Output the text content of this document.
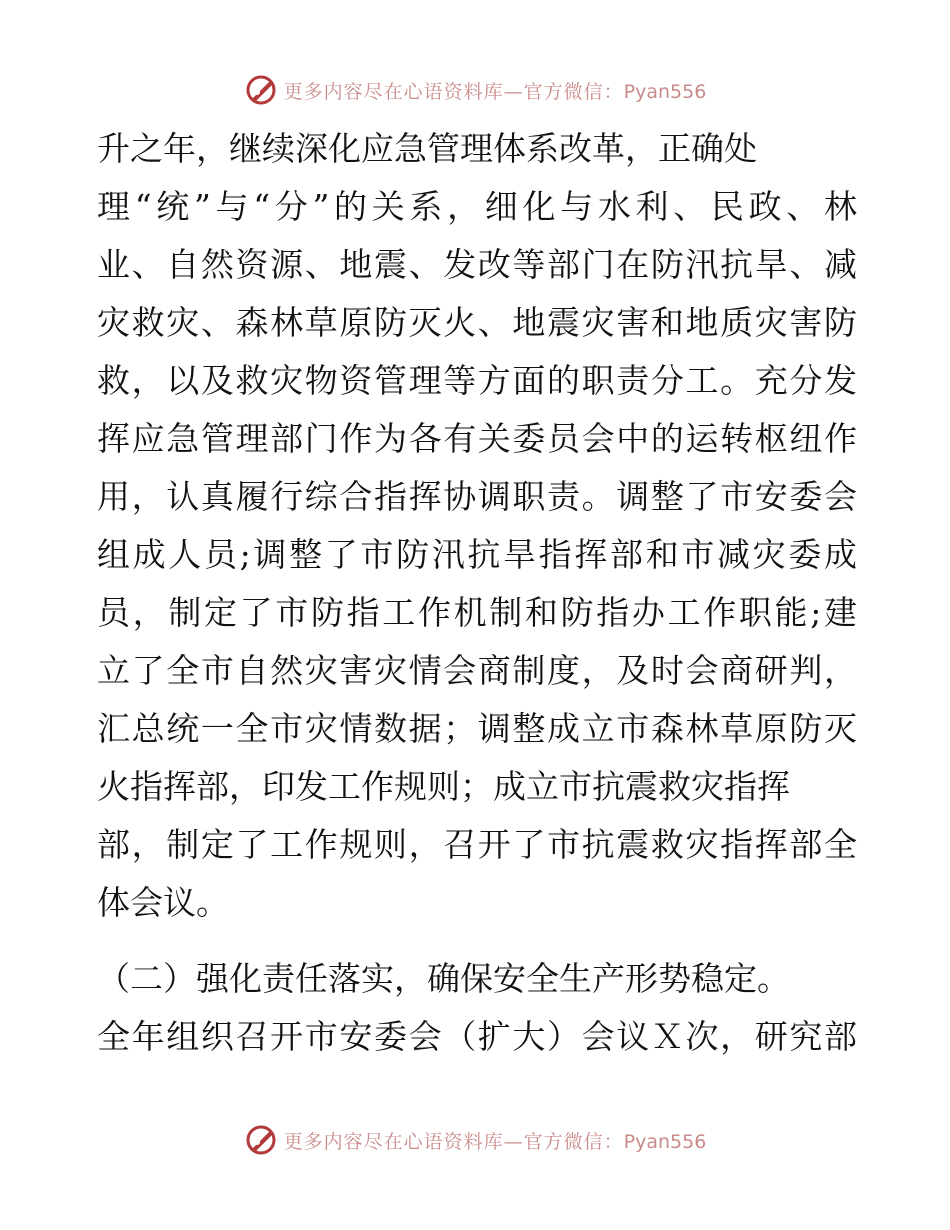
更多内容尽在心语资料库—官方微信：Pyan556
升之年，继续深化应急管理体系改革，正确处
理“统”与“分”的关系，细化与水利、民政、林
业、自然资源、地震、发改等部门在防汛抗旱、减
灾救灾、森林草原防灭火、地震灾害和地质灾害防
救，以及救灾物资管理等方面的职责分工。充分发
挥应急管理部门作为各有关委员会中的运转枢纽作
用，认真履行综合指挥协调职责。调整了市安委会
组成人员;调整了市防汛抗旱指挥部和市减灾委成
员，制定了市防指工作机制和防指办工作职能;建
立了全市自然灾害灾情会商制度，及时会商研判，
汇总统一全市灾情数据；调整成立市森林草原防灭
火指挥部，印发工作规则；成立市抗震救灾指挥
部，制定了工作规则，召开了市抗震救灾指挥部全
体会议。
（二）强化责任落实，确保安全生产形势稳定。
全年组织召开市安委会（扩大）会议Ｘ次，研究部
更多内容尽在心语资料库—官方微信：Pyan556
